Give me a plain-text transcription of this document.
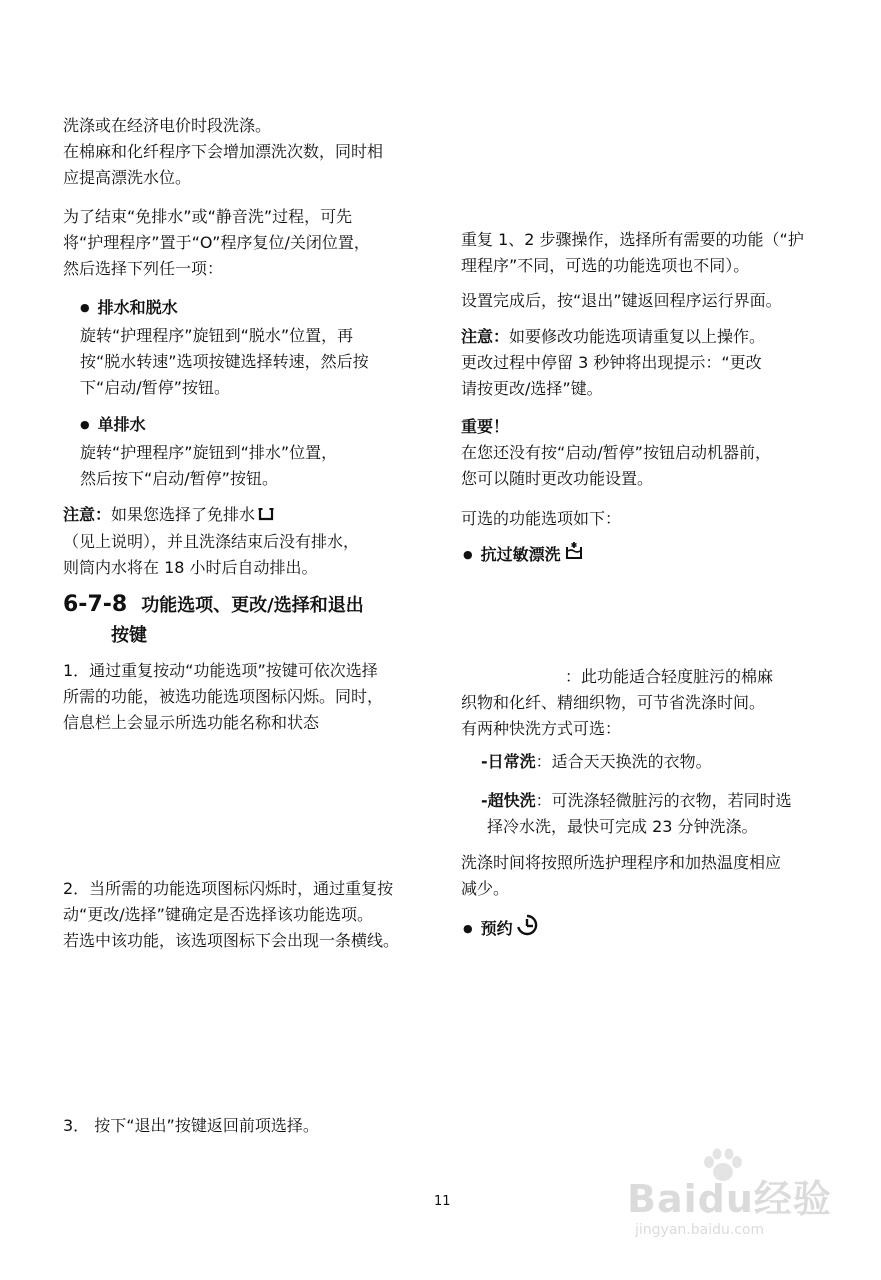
洗涤或在经济电价时段洗涤。

在棉麻和化纤程序下会增加漂洗次数，同时相

应提高漂洗水位。

为了结束“免排水”或“静音洗”过程，可先

将“护理程序”置于“O”程序复位/关闭位置，

然后选择下列任一项：

● 排水和脱水

旋转“护理程序”旋钮到“脱水”位置，再

按“脱水转速”选项按键选择转速，然后按

下“启动/暂停”按钮。

● 单排水

旋转“护理程序”旋钮到“排水”位置，

然后按下“启动/暂停”按钮。

注意：如果您选择了免排水

（见上说明），并且洗涤结束后没有排水，

则筒内水将在 18 小时后自动排出。

6-7-8 功能选项、更改/选择和退出
按键

1．通过重复按动“功能选项”按键可依次选择

所需的功能，被选功能选项图标闪烁。同时，

信息栏上会显示所选功能名称和状态

2．当所需的功能选项图标闪烁时，通过重复按

动“更改/选择”键确定是否选择该功能选项。

若选中该功能，该选项图标下会出现一条横线。

3． 按下“退出”按键返回前项选择。

重复 1、2 步骤操作，选择所有需要的功能（“护

理程序”不同，可选的功能选项也不同）。

设置完成后，按“退出”键返回程序运行界面。

注意：如要修改功能选项请重复以上操作。

更改过程中停留 3 秒钟将出现提示：“更改

请按更改/选择”键。

重要！

在您还没有按“启动/暂停”按钮启动机器前，

您可以随时更改功能设置。

可选的功能选项如下：

● 抗过敏漂洗

：此功能适合轻度脏污的棉麻

织物和化纤、精细织物，可节省洗涤时间。

有两种快洗方式可选：

-日常洗：适合天天换洗的衣物。

-超快洗：可洗涤轻微脏污的衣物，若同时选

择冷水洗，最快可完成 23 分钟洗涤。

洗涤时间将按照所选护理程序和加热温度相应

减少。

● 预约
11	Baidu经验
jingyan.baidu.com
